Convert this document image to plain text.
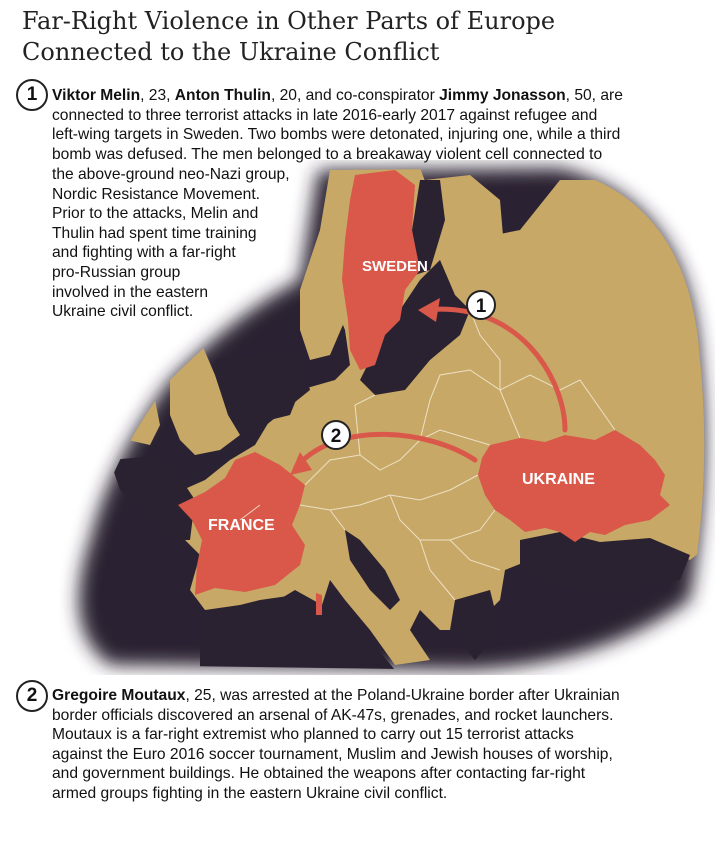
Far-Right Violence in Other Parts of Europe
Connected to the Ukraine Conflict
SWEDEN
UKRAINE
FRANCE
1
2
1 Viktor Melin, 23, Anton Thulin, 20, and co-conspirator Jimmy Jonasson, 50, are
connected to three terrorist attacks in late 2016-early 2017 against refugee and
left-wing targets in Sweden. Two bombs were detonated, injuring one, while a third
bomb was defused. The men belonged to a breakaway violent cell connected to
the above-ground neo-Nazi group,
Nordic Resistance Movement.
Prior to the attacks, Melin and
Thulin had spent time training
and fighting with a far-right
pro-Russian group
involved in the eastern
Ukraine civil conflict.
2 Gregoire Moutaux, 25, was arrested at the Poland-Ukraine border after Ukrainian
border officials discovered an arsenal of AK-47s, grenades, and rocket launchers.
Moutaux is a far-right extremist who planned to carry out 15 terrorist attacks
against the Euro 2016 soccer tournament, Muslim and Jewish houses of worship,
and government buildings. He obtained the weapons after contacting far-right
armed groups fighting in the eastern Ukraine civil conflict.
